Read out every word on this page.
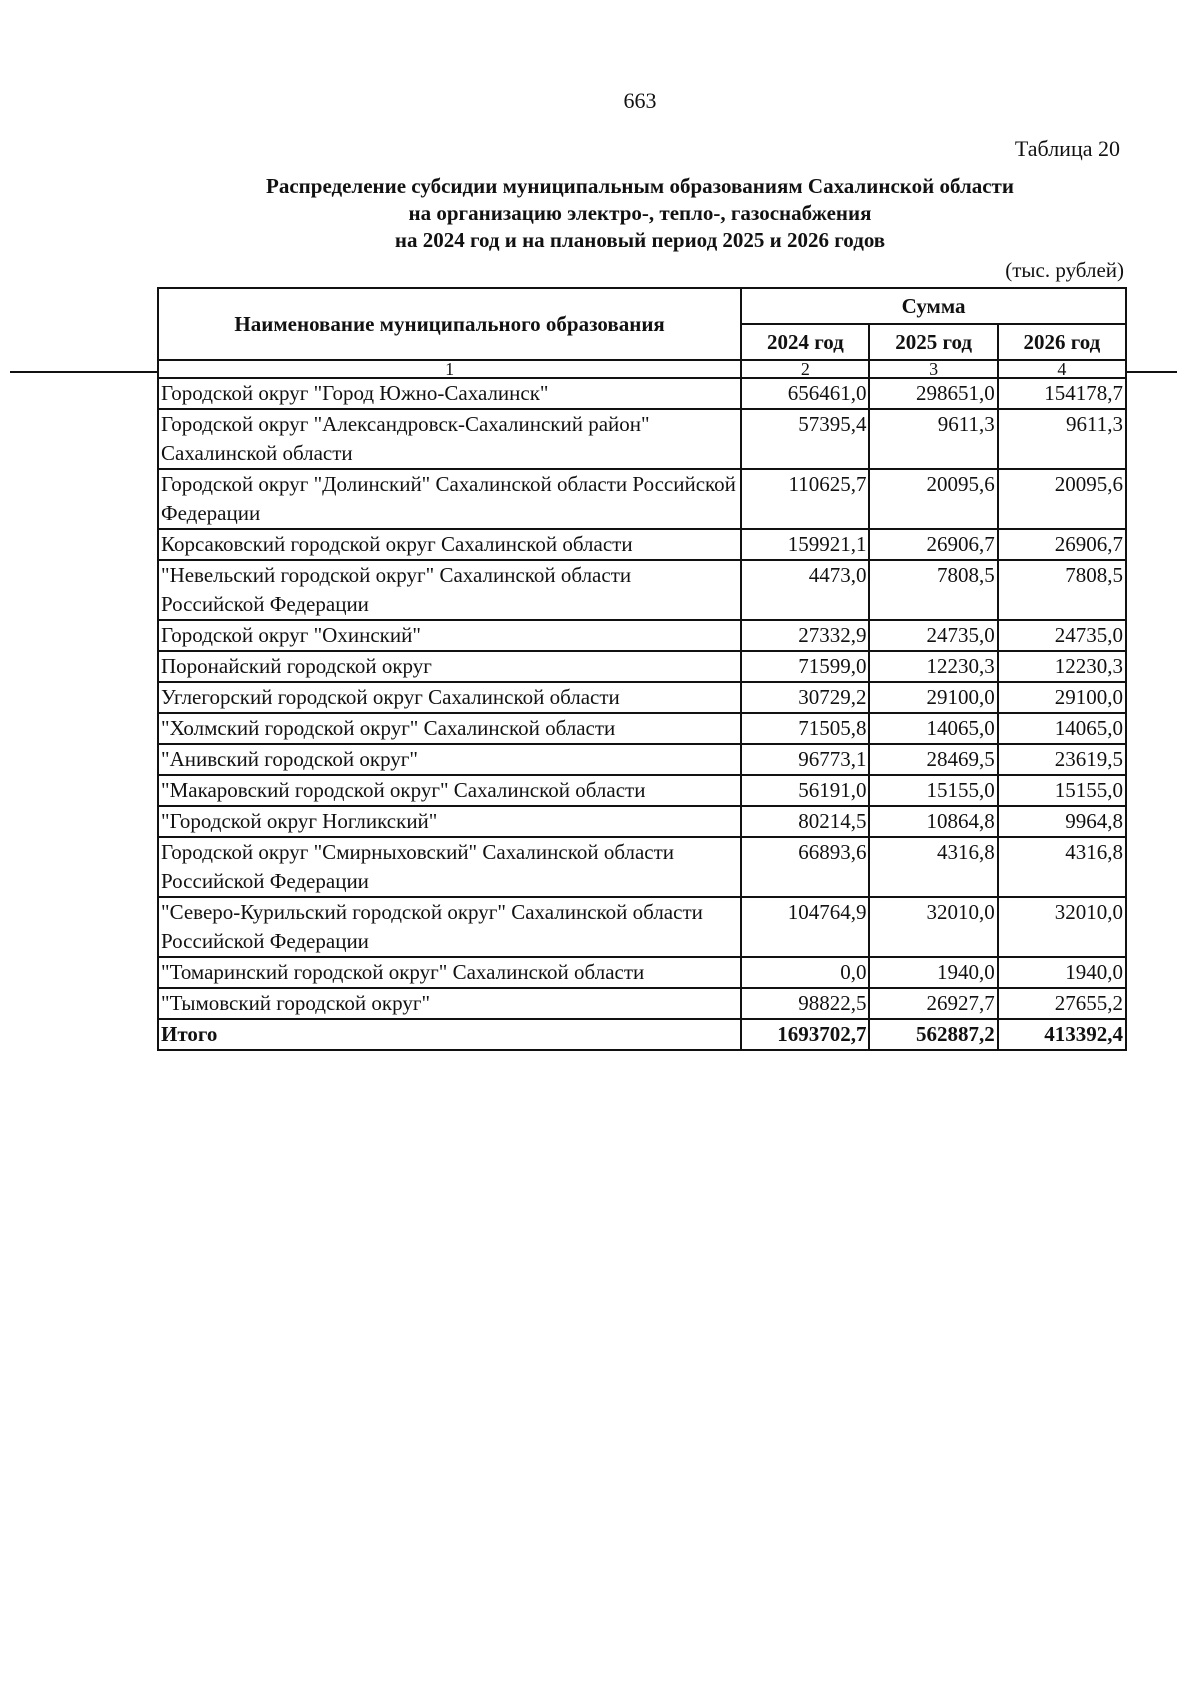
663
Таблица 20
Распределение субсидии муниципальным образованиям Сахалинской области
на организацию электро-, тепло-, газоснабжения
на 2024 год и на плановый период 2025 и 2026 годов
(тыс. рублей)
Наименование муниципального образования	Сумма		
	2024 год	2025 год	2026 год
1	2	3	4
Городской округ "Город Южно-Сахалинск"	656461,0	298651,0	154178,7
Городской округ "Александровск-Сахалинский район" Сахалинской области	57395,4	9611,3	9611,3
Городской округ "Долинский" Сахалинской области Российской Федерации	110625,7	20095,6	20095,6
Корсаковский городской округ Сахалинской области	159921,1	26906,7	26906,7
"Невельский городской округ" Сахалинской области Российской Федерации	4473,0	7808,5	7808,5
Городской округ "Охинский"	27332,9	24735,0	24735,0
Поронайский городской округ	71599,0	12230,3	12230,3
Углегорский городской округ Сахалинской области	30729,2	29100,0	29100,0
"Холмский городской округ" Сахалинской области	71505,8	14065,0	14065,0
"Анивский городской округ"	96773,1	28469,5	23619,5
"Макаровский городской округ" Сахалинской области	56191,0	15155,0	15155,0
"Городской округ Ногликский"	80214,5	10864,8	9964,8
Городской округ "Смирныховский" Сахалинской области Российской Федерации	66893,6	4316,8	4316,8
"Северо-Курильский городской округ" Сахалинской области Российской Федерации	104764,9	32010,0	32010,0
"Томаринский городской округ" Сахалинской области	0,0	1940,0	1940,0
"Тымовский городской округ"	98822,5	26927,7	27655,2
Итого	1693702,7	562887,2	413392,4
